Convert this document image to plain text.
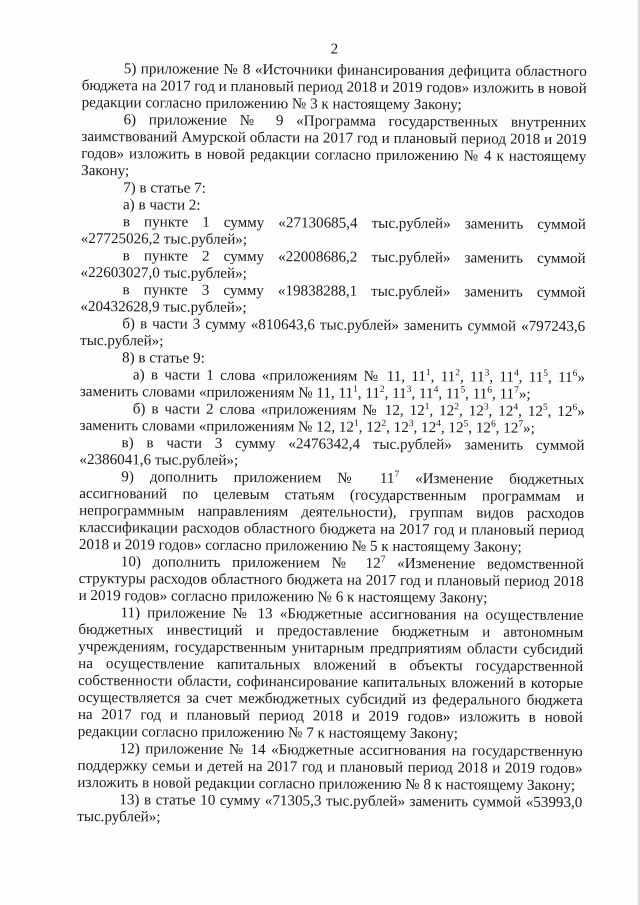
2

5) приложение № 8 «Источники финансирования дефицита областного бюджета на 2017 год и плановый период 2018 и 2019 годов» изложить в новой редакции согласно приложению № 3 к настоящему Закону;

6) приложение № 9 «Программа государственных внутренних заимствований Амурской области на 2017 год и плановый период 2018 и 2019 годов» изложить в новой редакции согласно приложению № 4 к настоящему Закону;

7) в статье 7:

а) в части 2:

в пункте 1 сумму «27130685,4 тыс.рублей» заменить суммой «27725026,2 тыс.рублей»;

в пункте 2 сумму «22008686,2 тыс.рублей» заменить суммой «22603027,0 тыс.рублей»;

в пункте 3 сумму «19838288,1 тыс.рублей» заменить суммой «20432628,9 тыс.рублей»;

б) в части 3 сумму «810643,6 тыс.рублей» заменить суммой «797243,6 тыс.рублей»;

8) в статье 9:

а) в части 1 слова «приложениям № 11, $11^1$, $11^2$, $11^3$, $11^4$, $11^5$, $11^6$» заменить словами «приложениям № 11, $11^1$, $11^2$, $11^3$, $11^4$, $11^5$, $11^6$, $11^7$»;

б) в части 2 слова «приложениям № 12, $12^1$, $12^2$, $12^3$, $12^4$, $12^5$, $12^6$» заменить словами «приложениям № 12, $12^1$, $12^2$, $12^3$, $12^4$, $12^5$, $12^6$, $12^7$»;

в) в части 3 сумму «2476342,4 тыс.рублей» заменить суммой «2386041,6 тыс.рублей»;

9) дополнить приложением № $11^7$ «Изменение бюджетных ассигнований по целевым статьям (государственным программам и непрограммным направлениям деятельности), группам видов расходов классификации расходов областного бюджета на 2017 год и плановый период 2018 и 2019 годов» согласно приложению № 5 к настоящему Закону;

10) дополнить приложением № $12^7$ «Изменение ведомственной структуры расходов областного бюджета на 2017 год и плановый период 2018 и 2019 годов» согласно приложению № 6 к настоящему Закону;

11) приложение № 13 «Бюджетные ассигнования на осуществление бюджетных инвестиций и предоставление бюджетным и автономным учреждениям, государственным унитарным предприятиям области субсидий на осуществление капитальных вложений в объекты государственной собственности области, софинансирование капитальных вложений в которые осуществляется за счет межбюджетных субсидий из федерального бюджета на 2017 год и плановый период 2018 и 2019 годов» изложить в новой редакции согласно приложению № 7 к настоящему Закону;

12) приложение № 14 «Бюджетные ассигнования на государственную поддержку семьи и детей на 2017 год и плановый период 2018 и 2019 годов» изложить в новой редакции согласно приложению № 8 к настоящему Закону;

13) в статье 10 сумму «71305,3 тыс.рублей» заменить суммой «53993,0 тыс.рублей»;
